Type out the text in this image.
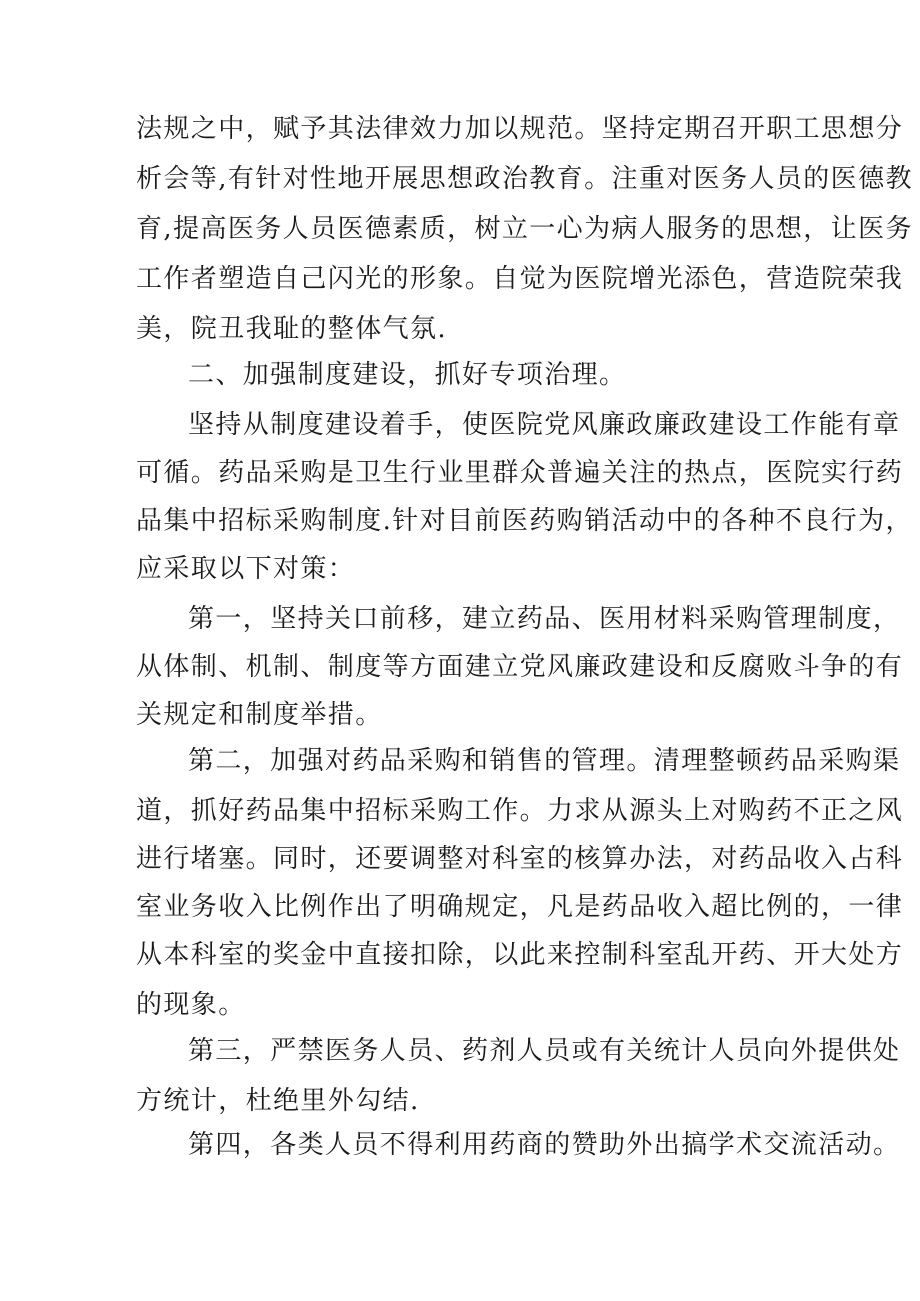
法规之中，赋予其法律效力加以规范。坚持定期召开职工思想分
析会等,有针对性地开展思想政治教育。注重对医务人员的医德教
育,提高医务人员医德素质，树立一心为病人服务的思想，让医务
工作者塑造自己闪光的形象。自觉为医院增光添色，营造院荣我
美，院丑我耻的整体气氛.
二、加强制度建设，抓好专项治理。
坚持从制度建设着手，使医院党风廉政廉政建设工作能有章
可循。药品采购是卫生行业里群众普遍关注的热点，医院实行药
品集中招标采购制度.针对目前医药购销活动中的各种不良行为，
应采取以下对策：
第一，坚持关口前移，建立药品、医用材料采购管理制度，
从体制、机制、制度等方面建立党风廉政建设和反腐败斗争的有
关规定和制度举措。
第二，加强对药品采购和销售的管理。清理整顿药品采购渠
道，抓好药品集中招标采购工作。力求从源头上对购药不正之风
进行堵塞。同时，还要调整对科室的核算办法，对药品收入占科
室业务收入比例作出了明确规定，凡是药品收入超比例的，一律
从本科室的奖金中直接扣除，以此来控制科室乱开药、开大处方
的现象。
第三，严禁医务人员、药剂人员或有关统计人员向外提供处
方统计，杜绝里外勾结.
第四，各类人员不得利用药商的赞助外出搞学术交流活动。
